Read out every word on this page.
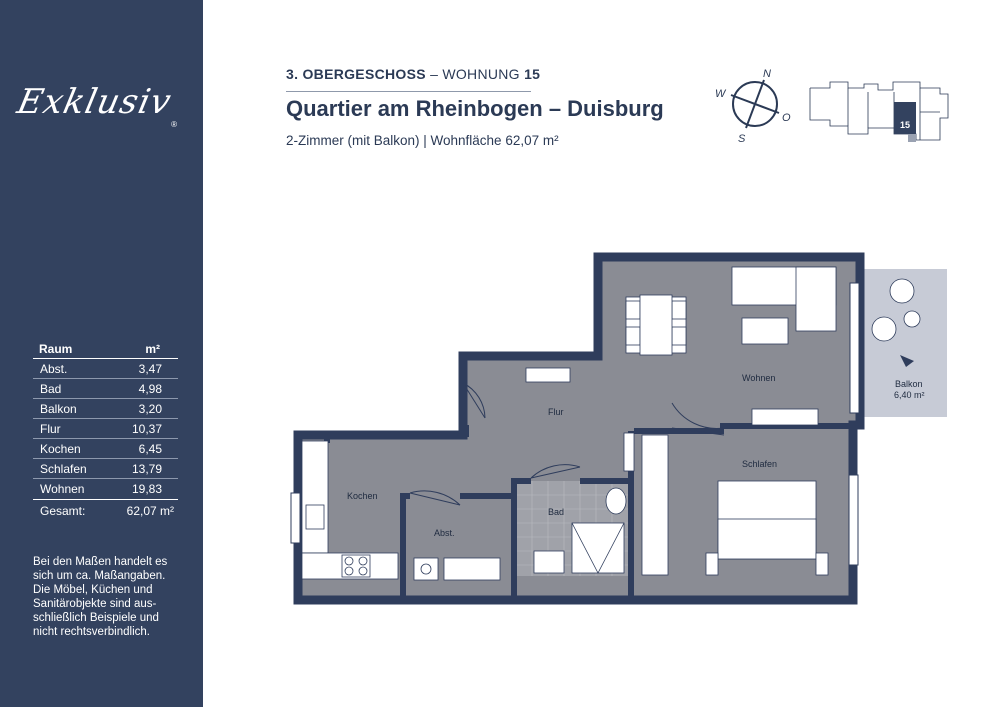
Exklusiv
®
Raum	m²
Abst.	3,47
Bad	4,98
Balkon	3,20
Flur	10,37
Kochen	6,45
Schlafen	13,79
Wohnen	19,83
Gesamt:	62,07 m²
Bei den Maßen handelt es sich um ca. Maßangaben. Die Möbel, Küchen und Sanitärobjekte sind aus-schließlich Beispiele und nicht rechtsverbindlich.
3. OBERGESCHOSS – WOHNUNG 15
Quartier am Rheinbogen – Duisburg
2-Zimmer (mit Balkon) | Wohnfläche 62,07 m²
N
O
S
W
15
Wohnen
Flur
Schlafen
Kochen
Abst.
Bad
Balkon
6,40 m²
